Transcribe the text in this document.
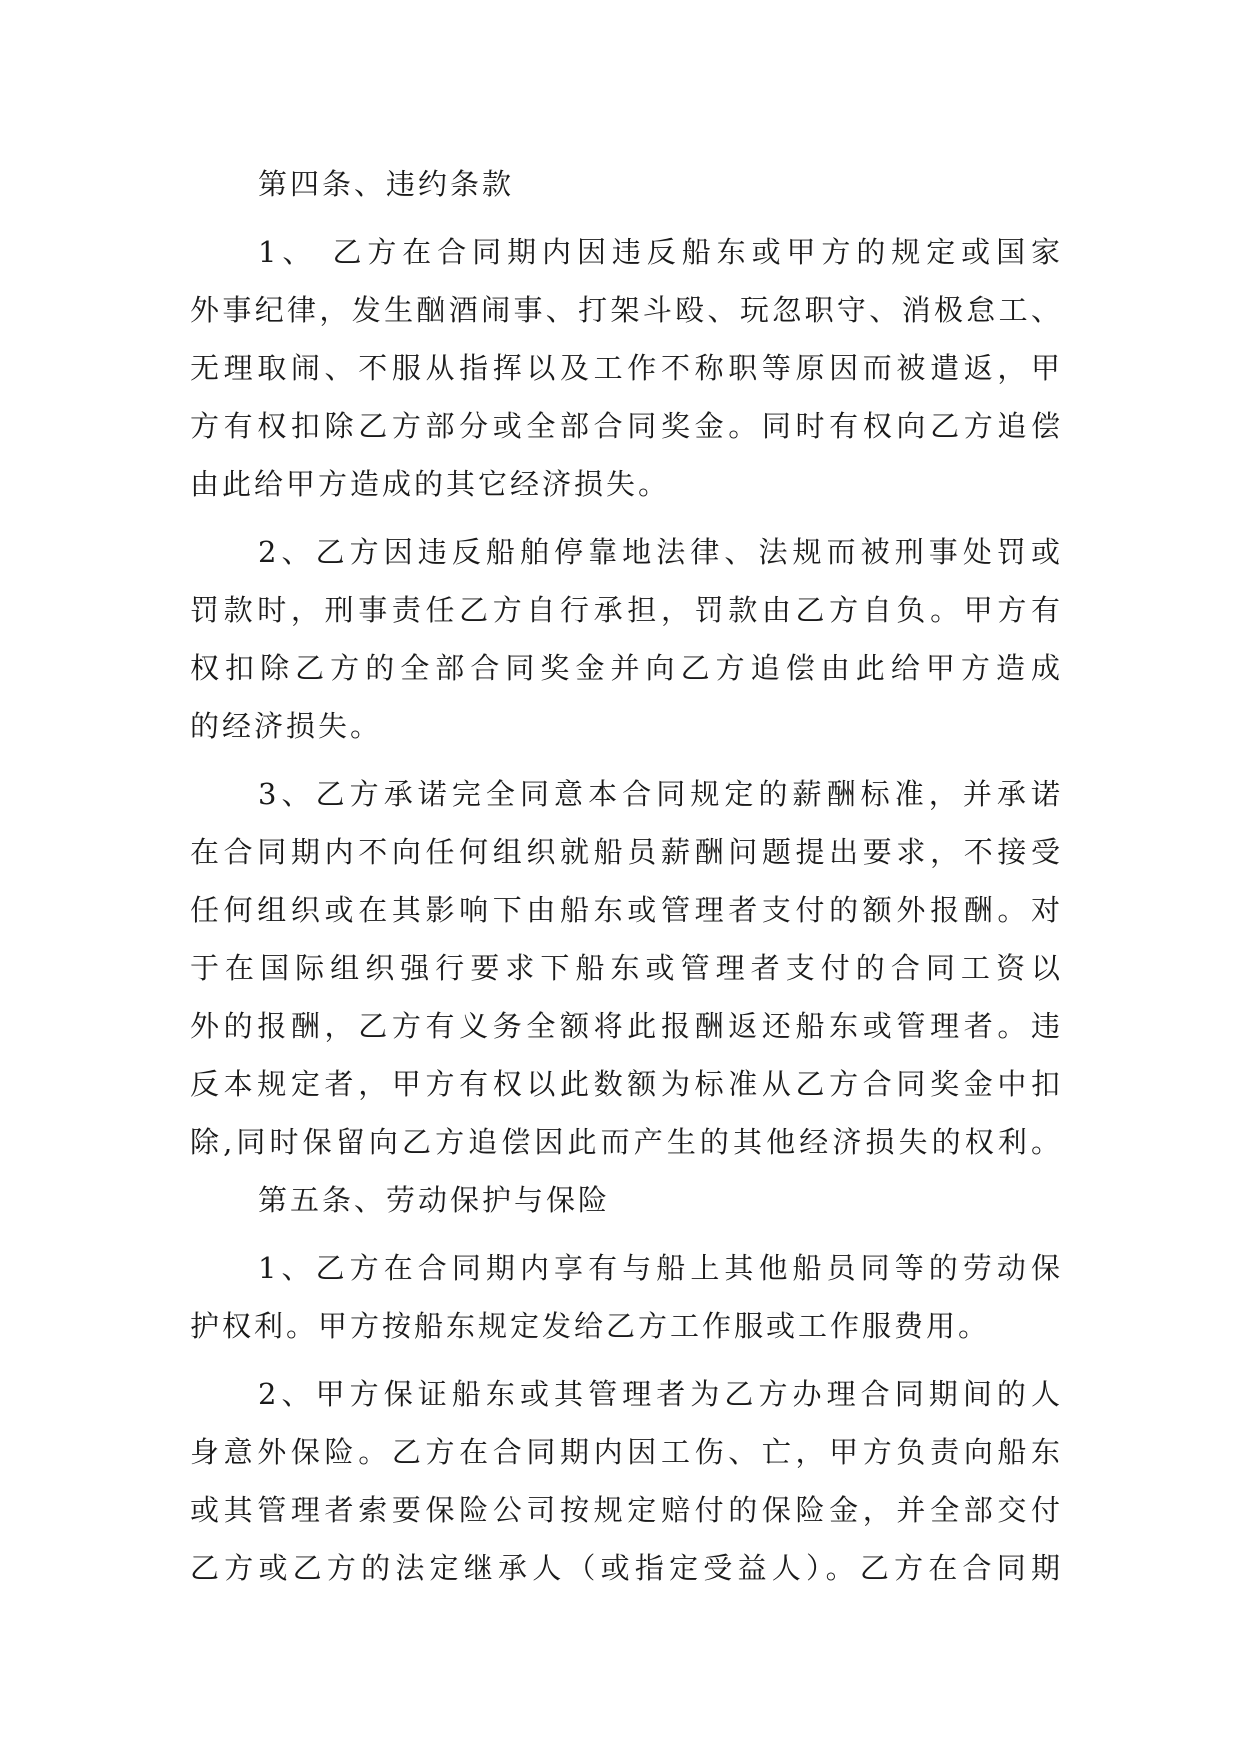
第四条、违约条款
1、 乙方在合同期内因违反船东或甲方的规定或国家
外事纪律，发生酗酒闹事、打架斗殴、玩忽职守、消极怠工、
无理取闹、不服从指挥以及工作不称职等原因而被遣返，甲
方有权扣除乙方部分或全部合同奖金。同时有权向乙方追偿
由此给甲方造成的其它经济损失。
2、乙方因违反船舶停靠地法律、法规而被刑事处罚或
罚款时，刑事责任乙方自行承担，罚款由乙方自负。甲方有
权扣除乙方的全部合同奖金并向乙方追偿由此给甲方造成
的经济损失。
3、乙方承诺完全同意本合同规定的薪酬标准，并承诺
在合同期内不向任何组织就船员薪酬问题提出要求，不接受
任何组织或在其影响下由船东或管理者支付的额外报酬。对
于在国际组织强行要求下船东或管理者支付的合同工资以
外的报酬，乙方有义务全额将此报酬返还船东或管理者。违
反本规定者，甲方有权以此数额为标准从乙方合同奖金中扣
除,同时保留向乙方追偿因此而产生的其他经济损失的权利。
第五条、劳动保护与保险
1、乙方在合同期内享有与船上其他船员同等的劳动保
护权利。甲方按船东规定发给乙方工作服或工作服费用。
2、甲方保证船东或其管理者为乙方办理合同期间的人
身意外保险。乙方在合同期内因工伤、亡，甲方负责向船东
或其管理者索要保险公司按规定赔付的保险金，并全部交付
乙方或乙方的法定继承人（或指定受益人）。乙方在合同期
